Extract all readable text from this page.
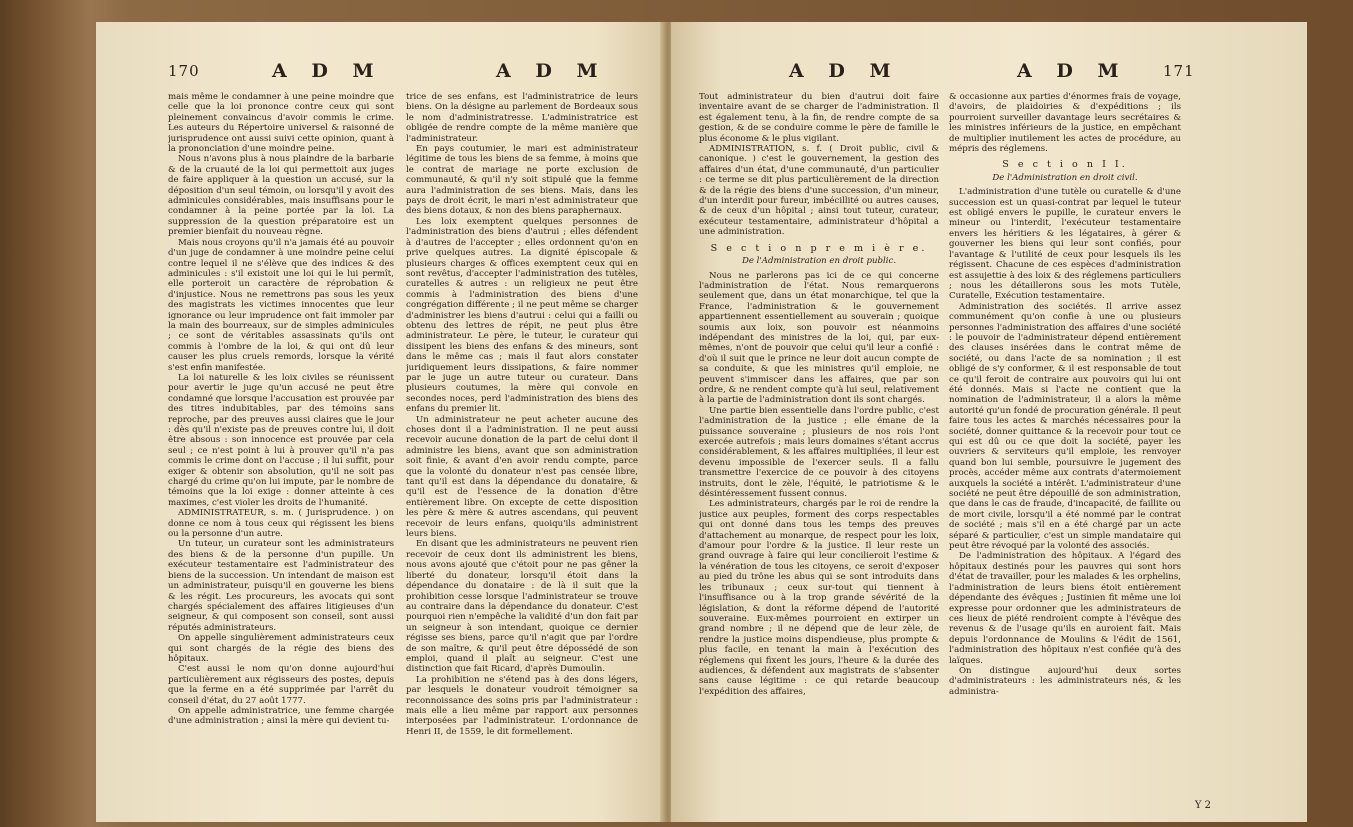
170	A D M	A D M

mais même le condamner à une peine moindre que celle que la loi prononce contre ceux qui sont pleinement convaincus d'avoir commis le crime. Les auteurs du Répertoire universel & raisonné de jurisprudence ont aussi suivi cette opinion, quant à la prononciation d'une moindre peine.

Nous n'avons plus à nous plaindre de la barbarie & de la cruauté de la loi qui permettoit aux juges de faire appliquer à la question un accusé, sur la déposition d'un seul témoin, ou lorsqu'il y avoit des adminicules considérables, mais insuffisans pour le condamner à la peine portée par la loi. La suppression de la question préparatoire est un premier bienfait du nouveau règne.

Mais nous croyons qu'il n'a jamais été au pouvoir d'un juge de condamner à une moindre peine celui contre lequel il ne s'élève que des indices & des adminicules : s'il existoit une loi qui le lui permît, elle porteroit un caractère de réprobation & d'injustice. Nous ne remettrons pas sous les yeux des magistrats les victimes innocentes que leur ignorance ou leur imprudence ont fait immoler par la main des bourreaux, sur de simples adminicules ; ce sont de véritables assassinats qu'ils ont commis à l'ombre de la loi, & qui ont dû leur causer les plus cruels remords, lorsque la vérité s'est enfin manifestée.

La loi naturelle & les loix civiles se réunissent pour avertir le juge qu'un accusé ne peut être condamné que lorsque l'accusation est prouvée par des titres indubitables, par des témoins sans reproche, par des preuves aussi claires que le jour : dès qu'il n'existe pas de preuves contre lui, il doit être absous : son innocence est prouvée par cela seul ; ce n'est point à lui à prouver qu'il n'a pas commis le crime dont on l'accuse ; il lui suffit, pour exiger & obtenir son absolution, qu'il ne soit pas chargé du crime qu'on lui impute, par le nombre de témoins que la loi exige : donner atteinte à ces maximes, c'est violer les droits de l'humanité.

ADMINISTRATEUR, s. m. ( Jurisprudence. ) on donne ce nom à tous ceux qui régissent les biens ou la personne d'un autre.

Un tuteur, un curateur sont les administrateurs des biens & de la personne d'un pupille. Un exécuteur testamentaire est l'administrateur des biens de la succession. Un intendant de maison est un administrateur, puisqu'il en gouverne les biens & les régit. Les procureurs, les avocats qui sont chargés spécialement des affaires litigieuses d'un seigneur, & qui composent son conseil, sont aussi réputés administrateurs.

On appelle singulièrement administrateurs ceux qui sont chargés de la régie des biens des hôpitaux.

C'est aussi le nom qu'on donne aujourd'hui particulièrement aux régisseurs des postes, depuis que la ferme en a été supprimée par l'arrêt du conseil d'état, du 27 août 1777.

On appelle administratrice, une femme chargée d'une administration ; ainsi la mère qui devient tu-

trice de ses enfans, est l'administratrice de leurs biens. On la désigne au parlement de Bordeaux sous le nom d'administratresse. L'administratrice est obligée de rendre compte de la même manière que l'administrateur.

En pays coutumier, le mari est administrateur légitime de tous les biens de sa femme, à moins que le contrat de mariage ne porte exclusion de communauté, & qu'il n'y soit stipulé que la femme aura l'administration de ses biens. Mais, dans les pays de droit écrit, le mari n'est administrateur que des biens dotaux, & non des biens paraphernaux.

Les loix exemptent quelques personnes de l'administration des biens d'autrui ; elles défendent à d'autres de l'accepter ; elles ordonnent qu'on en prive quelques autres. La dignité épiscopale & plusieurs charges & offices exemptent ceux qui en sont revêtus, d'accepter l'administration des tutèles, curatelles & autres : un religieux ne peut être commis à l'administration des biens d'une congrégation différente ; il ne peut même se charger d'administrer les biens d'autrui : celui qui a failli ou obtenu des lettres de répit, ne peut plus être administrateur. Le père, le tuteur, le curateur qui dissipent les biens des enfans & des mineurs, sont dans le même cas ; mais il faut alors constater juridiquement leurs dissipations, & faire nommer par le juge un autre tuteur ou curateur. Dans plusieurs coutumes, la mère qui convole en secondes noces, perd l'administration des biens des enfans du premier lit.

Un administrateur ne peut acheter aucune des choses dont il a l'administration. Il ne peut aussi recevoir aucune donation de la part de celui dont il administre les biens, avant que son administration soit finie, & avant d'en avoir rendu compte, parce que la volonté du donateur n'est pas censée libre, tant qu'il est dans la dépendance du donataire, & qu'il est de l'essence de la donation d'être entièrement libre. On excepte de cette disposition les père & mère & autres ascendans, qui peuvent recevoir de leurs enfans, quoiqu'ils administrent leurs biens.

En disant que les administrateurs ne peuvent rien recevoir de ceux dont ils administrent les biens, nous avons ajouté que c'étoit pour ne pas gêner la liberté du donateur, lorsqu'il étoit dans la dépendance du donataire : de là il suit que la prohibition cesse lorsque l'administrateur se trouve au contraire dans la dépendance du donateur. C'est pourquoi rien n'empêche la validité d'un don fait par un seigneur à son intendant, quoique ce dernier régisse ses biens, parce qu'il n'agit que par l'ordre de son maître, & qu'il peut être dépossédé de son emploi, quand il plaît au seigneur. C'est une distinction que fait Ricard, d'après Dumoulin.

La prohibition ne s'étend pas à des dons légers, par lesquels le donateur voudroit témoigner sa reconnoissance des soins pris par l'administrateur : mais elle a lieu même par rapport aux personnes interposées par l'administrateur. L'ordonnance de Henri II, de 1559, le dit formellement.

A D M	A D M 171

Tout administrateur du bien d'autrui doit faire inventaire avant de se charger de l'administration. Il est également tenu, à la fin, de rendre compte de sa gestion, & de se conduire comme le père de famille le plus économe & le plus vigilant.

ADMINISTRATION, s. f. ( Droit public, civil & canonique. ) c'est le gouvernement, la gestion des affaires d'un état, d'une communauté, d'un particulier : ce terme se dit plus particulièrement de la direction & de la régie des biens d'une succession, d'un mineur, d'un interdit pour fureur, imbécillité ou autres causes, & de ceux d'un hôpital ; ainsi tout tuteur, curateur, exécuteur testamentaire, administrateur d'hôpital a une administration.

S e c t i o n p r e m i è r e.
De l'Administration en droit public.

Nous ne parlerons pas ici de ce qui concerne l'administration de l'état. Nous remarquerons seulement que, dans un état monarchique, tel que la France, l'administration & le gouvernement appartiennent essentiellement au souverain ; quoique soumis aux loix, son pouvoir est néanmoins indépendant des ministres de la loi, qui, par eux-mêmes, n'ont de pouvoir que celui qu'il leur a confié : d'où il suit que le prince ne leur doit aucun compte de sa conduite, & que les ministres qu'il emploie, ne peuvent s'immiscer dans les affaires, que par son ordre, & ne rendent compte qu'à lui seul, relativement à la partie de l'administration dont ils sont chargés.

Une partie bien essentielle dans l'ordre public, c'est l'administration de la justice ; elle émane de la puissance souveraine ; plusieurs de nos rois l'ont exercée autrefois ; mais leurs domaines s'étant accrus considérablement, & les affaires multipliées, il leur est devenu impossible de l'exercer seuls. Il a fallu transmettre l'exercice de ce pouvoir à des citoyens instruits, dont le zèle, l'équité, le patriotisme & le désintéressement fussent connus.

Les administrateurs, chargés par le roi de rendre la justice aux peuples, forment des corps respectables qui ont donné dans tous les temps des preuves d'attachement au monarque, de respect pour les loix, d'amour pour l'ordre & la justice. Il leur reste un grand ouvrage à faire qui leur concilieroit l'estime & la vénération de tous les citoyens, ce seroit d'exposer au pied du trône les abus qui se sont introduits dans les tribunaux ; ceux sur-tout qui tiennent à l'insuffisance ou à la trop grande sévérité de la législation, & dont la réforme dépend de l'autorité souveraine. Eux-mêmes pourroient en extirper un grand nombre ; il ne dépend que de leur zèle, de rendre la justice moins dispendieuse, plus prompte & plus facile, en tenant la main à l'exécution des réglemens qui fixent les jours, l'heure & la durée des audiences, & défendent aux magistrats de s'absenter sans cause légitime : ce qui retarde beaucoup l'expédition des affaires,

& occasionne aux parties d'énormes frais de voyage, d'avoirs, de plaidoiries & d'expéditions ; ils pourroient surveiller davantage leurs secrétaires & les ministres inférieurs de la justice, en empêchant de multiplier inutilement les actes de procédure, au mépris des réglemens.

S e c t i o n I I.
De l'Administration en droit civil.

L'administration d'une tutèle ou curatelle & d'une succession est un quasi-contrat par lequel le tuteur est obligé envers le pupille, le curateur envers le mineur ou l'interdit, l'exécuteur testamentaire envers les héritiers & les légataires, à gérer & gouverner les biens qui leur sont confiés, pour l'avantage & l'utilité de ceux pour lesquels ils les régissent. Chacune de ces espèces d'administration est assujettie à des loix & des réglemens particuliers ; nous les détaillerons sous les mots Tutèle, Curatelle, Exécution testamentaire.

Administration des sociétés. Il arrive assez communément qu'on confie à une ou plusieurs personnes l'administration des affaires d'une société : le pouvoir de l'administrateur dépend entièrement des clauses insérées dans le contrat même de société, ou dans l'acte de sa nomination ; il est obligé de s'y conformer, & il est responsable de tout ce qu'il feroit de contraire aux pouvoirs qui lui ont été donnés. Mais si l'acte ne contient que la nomination de l'administrateur, il a alors la même autorité qu'un fondé de procuration générale. Il peut faire tous les actes & marchés nécessaires pour la société, donner quittance & la recevoir pour tout ce qui est dû ou ce que doit la société, payer les ouvriers & serviteurs qu'il emploie, les renvoyer quand bon lui semble, poursuivre le jugement des procès, accéder même aux contrats d'atermoiement auxquels la société a intérêt. L'administrateur d'une société ne peut être dépouillé de son administration, que dans le cas de fraude, d'incapacité, de faillite ou de mort civile, lorsqu'il a été nommé par le contrat de société ; mais s'il en a été chargé par un acte séparé & particulier, c'est un simple mandataire qui peut être révoqué par la volonté des associés.

De l'administration des hôpitaux. A l'égard des hôpitaux destinés pour les pauvres qui sont hors d'état de travailler, pour les malades & les orphelins, l'administration de leurs biens étoit entièrement dépendante des évêques ; Justinien fit même une loi expresse pour ordonner que les administrateurs de ces lieux de piété rendroient compte à l'évêque des revenus & de l'usage qu'ils en auroient fait. Mais depuis l'ordonnance de Moulins & l'édit de 1561, l'administration des hôpitaux n'est confiée qu'à des laïques.

On distingue aujourd'hui deux sortes d'administrateurs : les administrateurs nés, & les administra-

Y 2
